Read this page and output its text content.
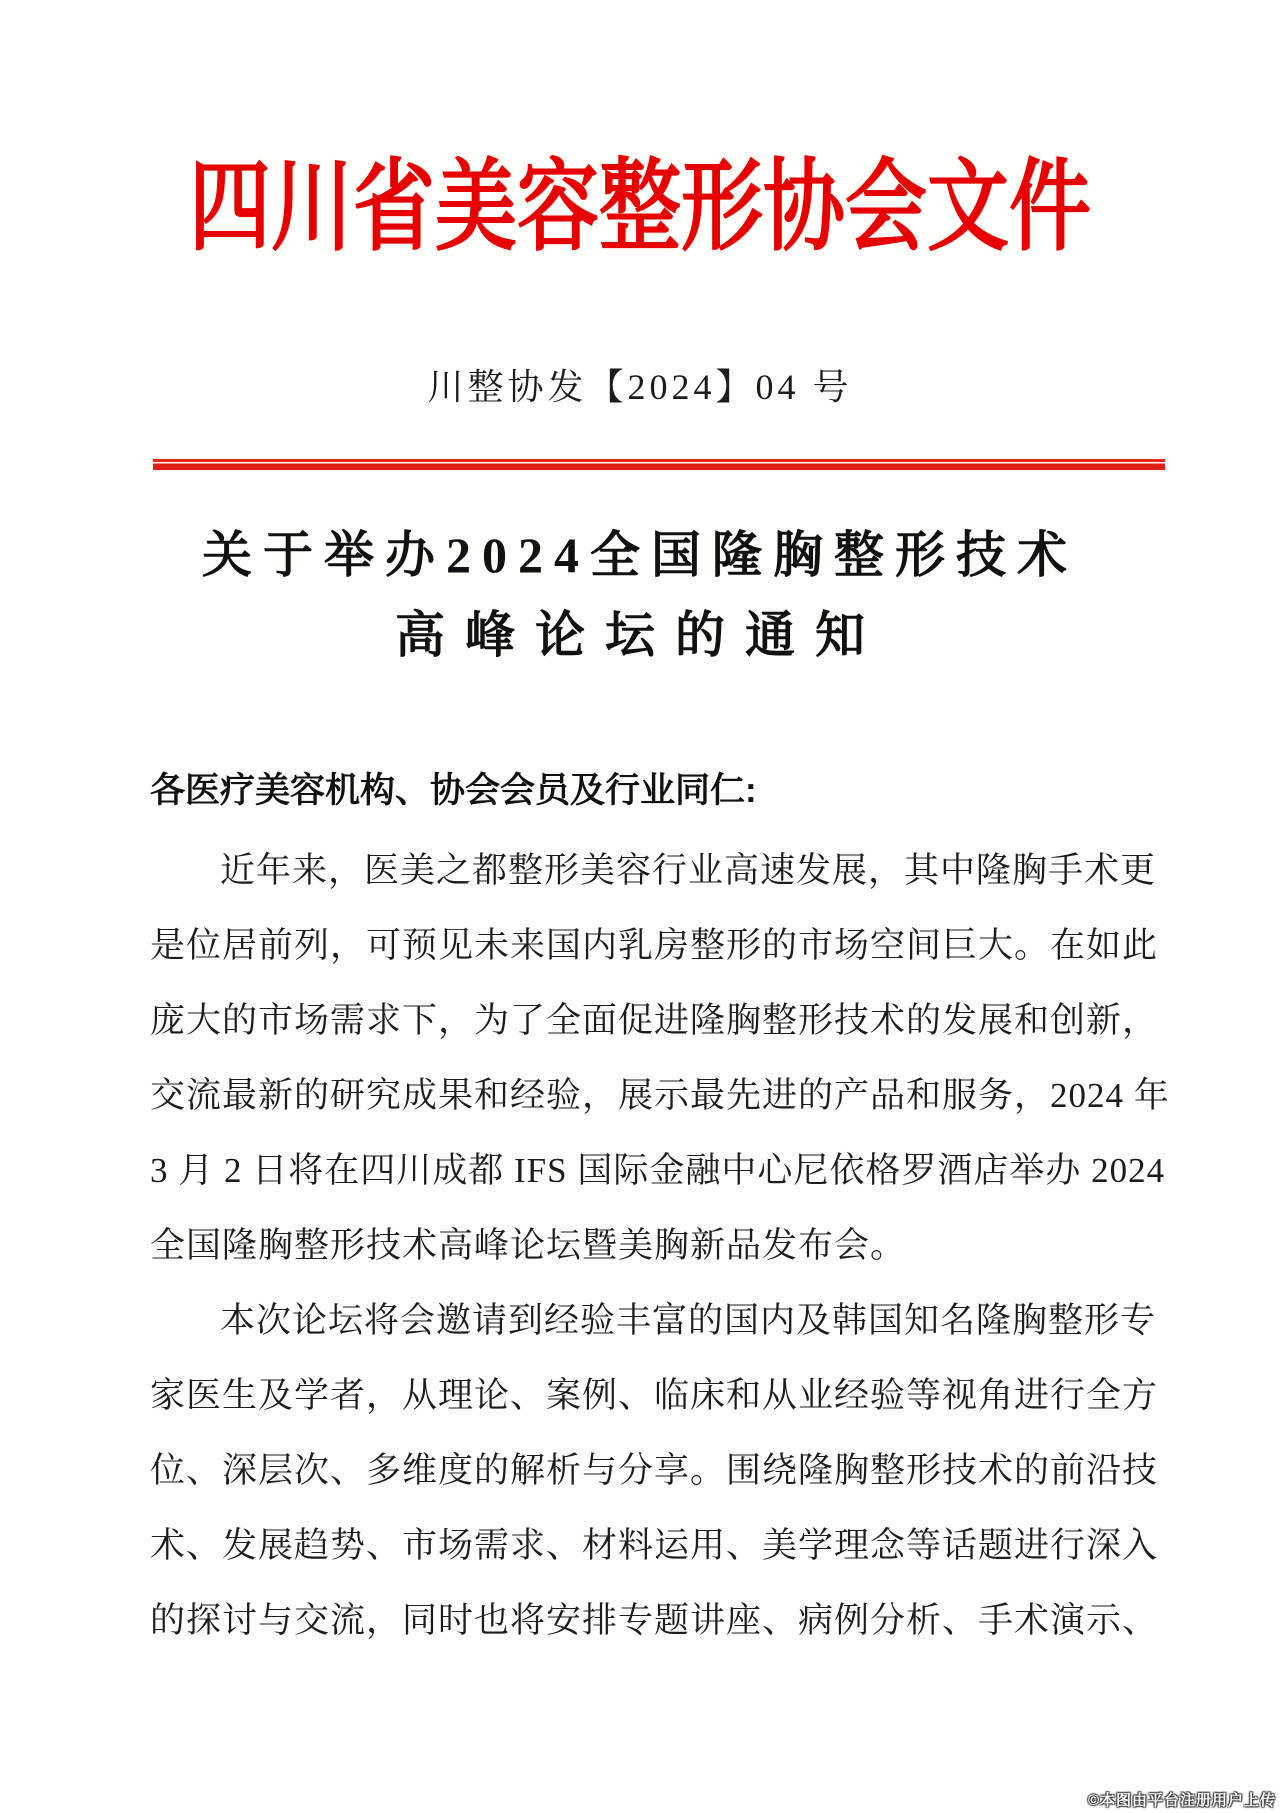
四川省美容整形协会文件
川整协发【2024】04 号
关于举办2024全国隆胸整形技术
高峰论坛的通知
各医疗美容机构、协会会员及行业同仁:
近年来，医美之都整形美容行业高速发展，其中隆胸手术更
是位居前列，可预见未来国内乳房整形的市场空间巨大。在如此
庞大的市场需求下，为了全面促进隆胸整形技术的发展和创新，
交流最新的研究成果和经验，展示最先进的产品和服务，2024 年
3 月 2 日将在四川成都 IFS 国际金融中心尼依格罗酒店举办 2024
全国隆胸整形技术高峰论坛暨美胸新品发布会。
本次论坛将会邀请到经验丰富的国内及韩国知名隆胸整形专
家医生及学者，从理论、案例、临床和从业经验等视角进行全方
位、深层次、多维度的解析与分享。围绕隆胸整形技术的前沿技
术、发展趋势、市场需求、材料运用、美学理念等话题进行深入
的探讨与交流，同时也将安排专题讲座、病例分析、手术演示、
©本图由平台注册用户上传
